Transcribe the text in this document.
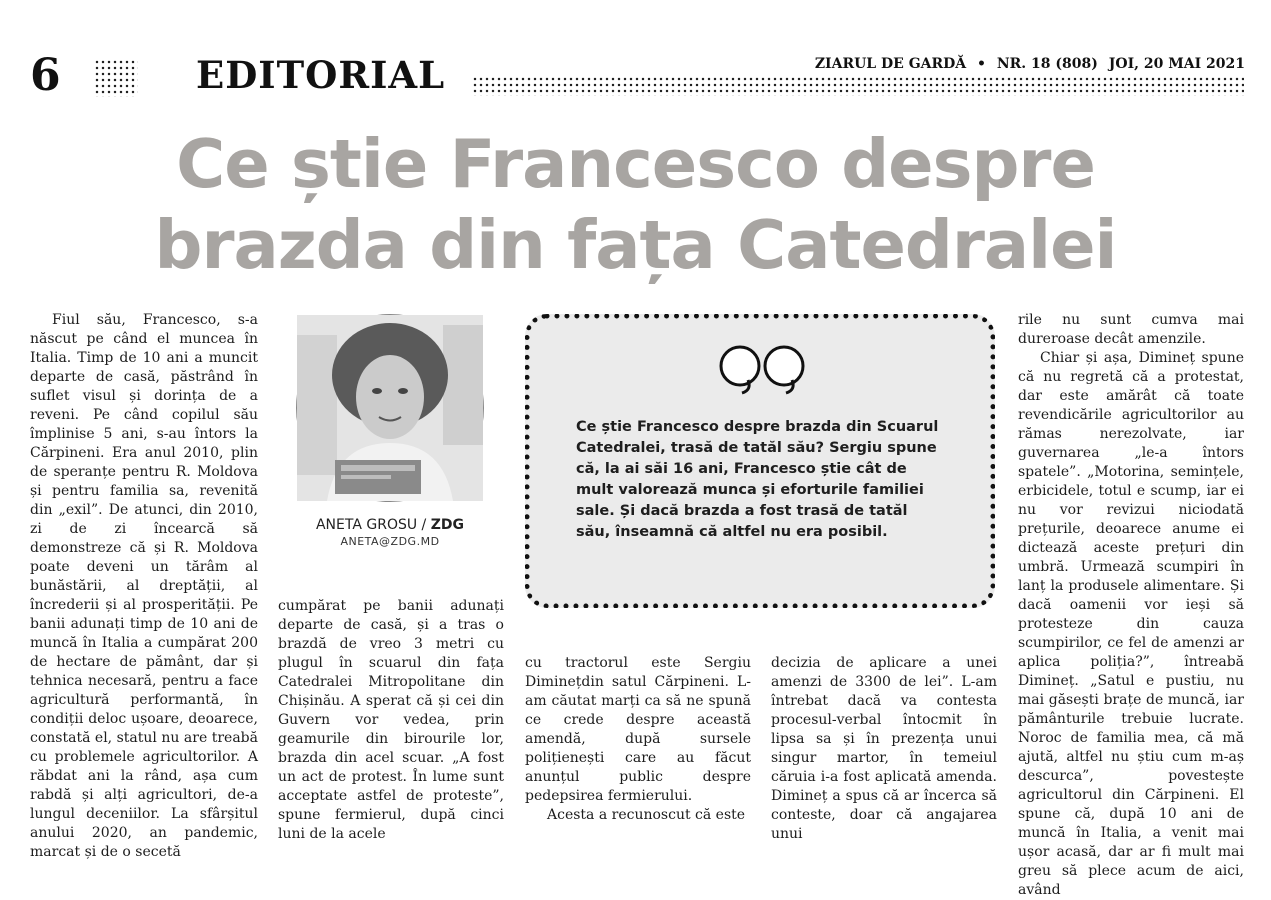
6	EDITORIAL	ZIARUL DE GARDĂ • NR. 18 (808) JOI, 20 MAI 2021
Ce știe Francesco despre
brazda din fața Catedralei

Fiul său, Francesco, s-a născut pe când el muncea în Italia. Timp de 10 ani a muncit departe de casă, păstrând în suflet visul și dorința de a reveni. Pe când copilul său împlinise 5 ani, s-au întors la Cărpineni. Era anul 2010, plin de speranțe pentru R. Moldova și pentru familia sa, revenită din „exil”. De atunci, din 2010, zi de zi încearcă să demonstreze că și R. Moldova poate deveni un tărâm al bunăstării, al dreptății, al încrederii și al prosperității. Pe banii adunați timp de 10 ani de muncă în Italia a cumpărat 200 de hectare de pământ, dar și tehnica necesară, pentru a face agricultură performantă, în condiții deloc ușoare, deoarece, constată el, statul nu are treabă cu problemele agricultorilor. A răbdat ani la rând, așa cum rabdă și alți agricultori, de-a lungul deceniilor. La sfârșitul anului 2020, an pandemic, marcat și de o secetă

ANETA GROSU / ZDG
ANETA@ZDG.MD

cumpărat pe banii adunați departe de casă, și a tras o brazdă de vreo 3 metri cu plugul în scuarul din fața Catedralei Mitropolitane din Chișinău. A sperat că și cei din Guvern vor vedea, prin geamurile din birourile lor, brazda din acel scuar. „A fost un act de protest. În lume sunt acceptate astfel de proteste”, spune fermierul, după cinci luni de la acele

Ce știe Francesco despre brazda din Scuarul Catedralei, trasă de tatăl său? Sergiu spune că, la ai săi 16 ani, Francesco știe cât de mult valorează munca și eforturile familiei sale. Și dacă brazda a fost trasă de tatăl său, înseamnă că altfel nu era posibil.

cu tractorul este Sergiu Diminețdin satul Cărpineni. L-am căutat marți ca să ne spună ce crede despre această amendă, după sursele polițienești care au făcut anunțul public despre pedepsirea fermierului.

Acesta a recunoscut că este

decizia de aplicare a unei amenzi de 3300 de lei”. L-am întrebat dacă va contesta procesul-verbal întocmit în lipsa sa și în prezența unui singur martor, în temeiul căruia i-a fost aplicată amenda. Dimineț a spus că ar încerca să conteste, doar că angajarea unui

rile nu sunt cumva mai dureroase decât amenzile.

Chiar și așa, Dimineț spune că nu regretă că a protestat, dar este amărât că toate revendicările agricultorilor au rămas nerezolvate, iar guvernarea „le-a întors spatele”. „Motorina, semințele, erbicidele, totul e scump, iar ei nu vor revizui niciodată prețurile, deoarece anume ei dictează aceste prețuri din umbră. Urmează scumpiri în lanț la produsele alimentare. Și dacă oamenii vor ieși să protesteze din cauza scumpirilor, ce fel de amenzi ar aplica poliția?”, întreabă Dimineț. „Satul e pustiu, nu mai găsești brațe de muncă, iar pământurile trebuie lucrate. Noroc de familia mea, că mă ajută, altfel nu știu cum m-aș descurca”, povestește agricultorul din Cărpineni. El spune că, după 10 ani de muncă în Italia, a venit mai ușor acasă, dar ar fi mult mai greu să plece acum de aici, având
